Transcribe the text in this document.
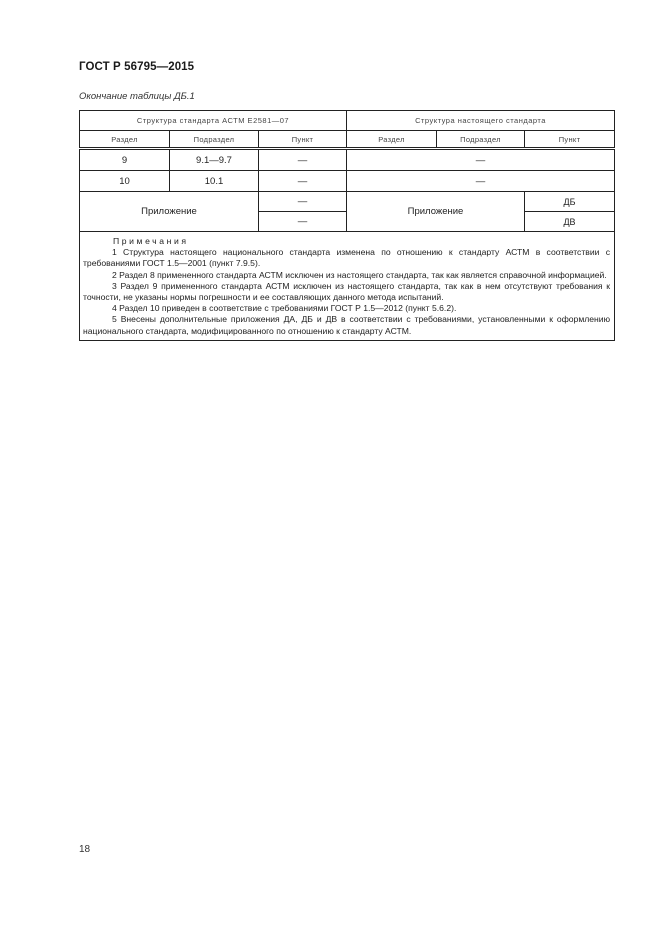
ГОСТ Р 56795—2015
Окончание таблицы ДБ.1
Структура стандарта АСТМ Е2581—07			Структура настоящего стандарта		
Раздел	Подраздел	Пункт	Раздел	Подраздел	Пункт
9	9.1—9.7	—	—		
10	10.1	—	—		
Приложение		—	Приложение		ДБ
		—			ДВ

Примечания
1 Структура настоящего национального стандарта изменена по отношению к стандарту АСТМ в соответствии с требованиями ГОСТ 1.5—2001 (пункт 7.9.5).
2 Раздел 8 примененного стандарта АСТМ исключен из настоящего стандарта, так как является справочной информацией.
3 Раздел 9 примененного стандарта АСТМ исключен из настоящего стандарта, так как в нем отсутствуют требования к точности, не указаны нормы погрешности и ее составляющих данного метода испытаний.
4 Раздел 10 приведен в соответствие с требованиями ГОСТ Р 1.5—2012 (пункт 5.6.2).
5 Внесены дополнительные приложения ДА, ДБ и ДВ в соответствии с требованиями, установленными к оформлению национального стандарта, модифицированного по отношению к стандарту АСТМ.
18
